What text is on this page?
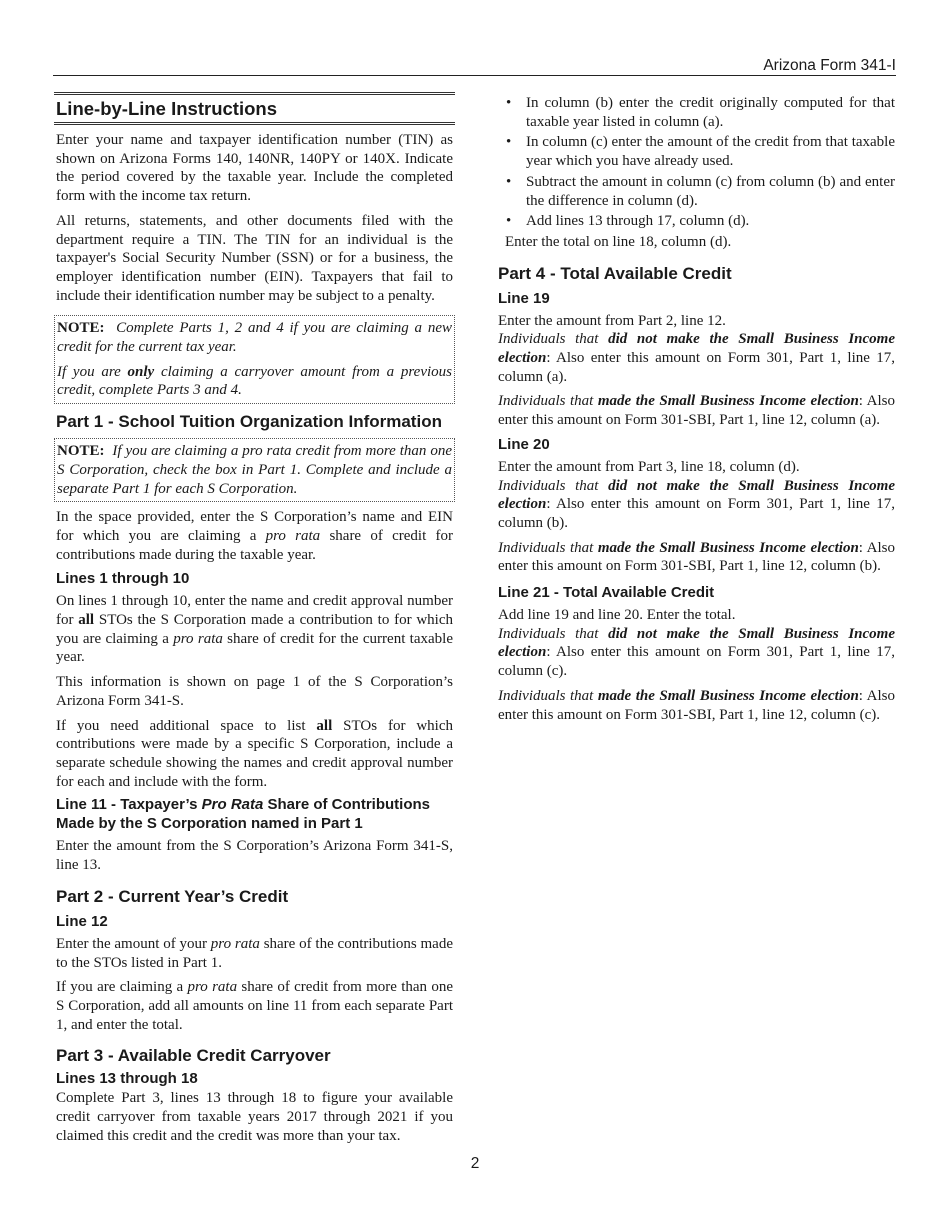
Arizona Form 341-I
Line-by-Line Instructions

Enter your name and taxpayer identification number (TIN) as shown on Arizona Forms 140, 140NR, 140PY or 140X. Indicate the period covered by the taxable year. Include the completed form with the income tax return.

All returns, statements, and other documents filed with the department require a TIN. The TIN for an individual is the taxpayer's Social Security Number (SSN) or for a business, the employer identification number (EIN). Taxpayers that fail to include their identification number may be subject to a penalty.

NOTE: Complete Parts 1, 2 and 4 if you are claiming a new credit for the current tax year.

If you are only claiming a carryover amount from a previous credit, complete Parts 3 and 4.

Part 1 - School Tuition Organization Information

NOTE: If you are claiming a pro rata credit from more than one S Corporation, check the box in Part 1. Complete and include a separate Part 1 for each S Corporation.

In the space provided, enter the S Corporation’s name and EIN for which you are claiming a pro rata share of credit for contributions made during the taxable year.

Lines 1 through 10

On lines 1 through 10, enter the name and credit approval number for all STOs the S Corporation made a contribution to for which you are claiming a pro rata share of credit for the current taxable year.

This information is shown on page 1 of the S Corporation’s Arizona Form 341-S.

If you need additional space to list all STOs for which contributions were made by a specific S Corporation, include a separate schedule showing the names and credit approval number for each and include with the form.

Line 11 - Taxpayer’s Pro Rata Share of Contributions Made by the S Corporation named in Part 1

Enter the amount from the S Corporation’s Arizona Form 341-S, line 13.

Part 2 - Current Year’s Credit
Line 12

Enter the amount of your pro rata share of the contributions made to the STOs listed in Part 1.

If you are claiming a pro rata share of credit from more than one S Corporation, add all amounts on line 11 from each separate Part 1, and enter the total.

Part 3 - Available Credit Carryover
Lines 13 through 18

Complete Part 3, lines 13 through 18 to figure your available credit carryover from taxable years 2017 through 2021 if you claimed this credit and the credit was more than your tax.

• In column (b) enter the credit originally computed for that taxable year listed in column (a).
• In column (c) enter the amount of the credit from that taxable year which you have already used.
• Subtract the amount in column (c) from column (b) and enter the difference in column (d).
• Add lines 13 through 17, column (d).

Enter the total on line 18, column (d).

Part 4 - Total Available Credit
Line 19

Enter the amount from Part 2, line 12.

Individuals that did not make the Small Business Income election: Also enter this amount on Form 301, Part 1, line 17, column (a).

Individuals that made the Small Business Income election: Also enter this amount on Form 301-SBI, Part 1, line 12, column (a).

Line 20

Enter the amount from Part 3, line 18, column (d).

Individuals that did not make the Small Business Income election: Also enter this amount on Form 301, Part 1, line 17, column (b).

Individuals that made the Small Business Income election: Also enter this amount on Form 301-SBI, Part 1, line 12, column (b).

Line 21 - Total Available Credit

Add line 19 and line 20. Enter the total.

Individuals that did not make the Small Business Income election: Also enter this amount on Form 301, Part 1, line 17, column (c).

Individuals that made the Small Business Income election: Also enter this amount on Form 301-SBI, Part 1, line 12, column (c).

2
